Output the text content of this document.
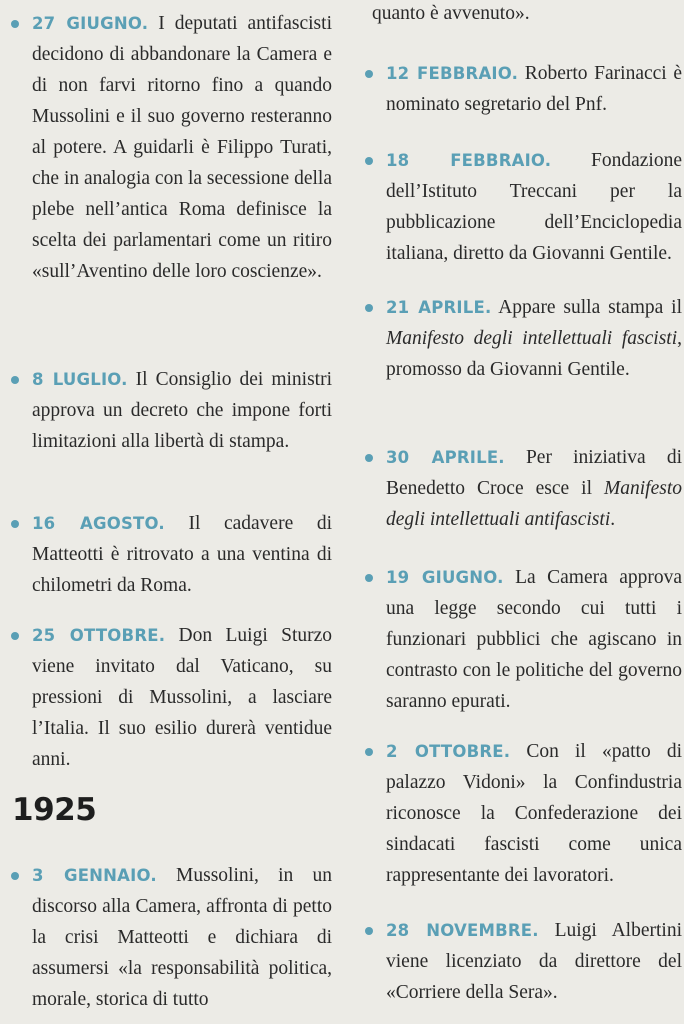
27 GIUGNO. I deputati antifascisti decidono di abbandonare la Camera e di non farvi ritorno fino a quando Mussolini e il suo governo resteranno al potere. A guidarli è Filippo Turati, che in analogia con la secessione della plebe nell’antica Roma definisce la scelta dei parlamentari come un ritiro «sull’Aventino delle loro coscienze».

8 LUGLIO. Il Consiglio dei ministri approva un decreto che impone forti limitazioni alla libertà di stampa.

16 AGOSTO. Il cadavere di Matteotti è ritrovato a una ventina di chilometri da Roma.

25 OTTOBRE. Don Luigi Sturzo viene invitato dal Vaticano, su pressioni di Mussolini, a lasciare l’Italia. Il suo esilio durerà ventidue anni.

1925

3 GENNAIO. Mussolini, in un discorso alla Camera, affronta di petto la crisi Matteotti e dichiara di assumersi «la responsabilità politica, morale, storica di tutto

quanto è avvenuto».

12 FEBBRAIO. Roberto Farinacci è nominato segretario del Pnf.

18 FEBBRAIO. Fondazione dell’Istituto Treccani per la pubblicazione dell’Enciclopedia italiana, diretto da Giovanni Gentile.

21 APRILE. Appare sulla stampa il Manifesto degli intellettuali fascisti, promosso da Giovanni Gentile.

30 APRILE. Per iniziativa di Benedetto Croce esce il Manifesto degli intellettuali antifascisti.

19 GIUGNO. La Camera approva una legge secondo cui tutti i funzionari pubblici che agiscano in contrasto con le politiche del governo saranno epurati.

2 OTTOBRE. Con il «patto di palazzo Vidoni» la Confindustria riconosce la Confederazione dei sindacati fascisti come unica rappresentante dei lavoratori.

28 NOVEMBRE. Luigi Albertini viene licenziato da direttore del «Corriere della Sera».
